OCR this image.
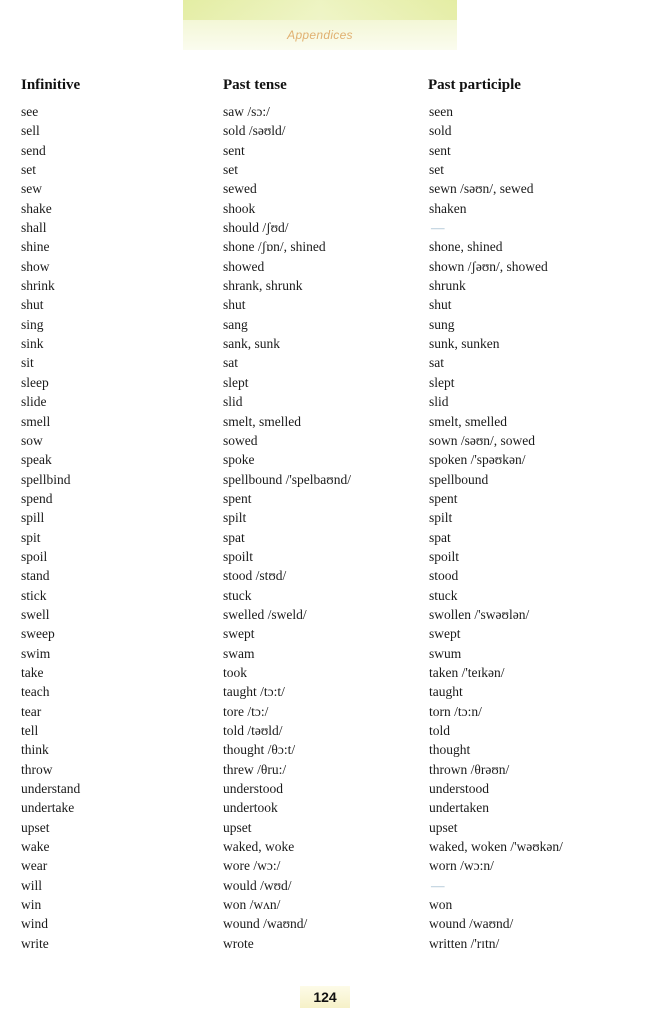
Appendices
Infinitive	Past tense	Past participle
see
sell
send
set
sew
shake
shall
shine
show
shrink
shut
sing
sink
sit
sleep
slide
smell
sow
speak
spellbind
spend
spill
spit
spoil
stand
stick
swell
sweep
swim
take
teach
tear
tell
think
throw
understand
undertake
upset
wake
wear
will
win
wind
write
saw /sɔ:/
sold /səʊld/
sent
set
sewed
shook
should /ʃʊd/
shone /ʃɒn/, shined
showed
shrank, shrunk
shut
sang
sank, sunk
sat
slept
slid
smelt, smelled
sowed
spoke
spellbound /'spelbaʊnd/
spent
spilt
spat
spoilt
stood /stʊd/
stuck
swelled /sweld/
swept
swam
took
taught /tɔ:t/
tore /tɔ:/
told /təʊld/
thought /θɔ:t/
threw /θru:/
understood
undertook
upset
waked, woke
wore /wɔ:/
would /wʊd/
won /wʌn/
wound /waʊnd/
wrote
seen
sold
sent
set
sewn /səʊn/, sewed
shaken
—
shone, shined
shown /ʃəʊn/, showed
shrunk
shut
sung
sunk, sunken
sat
slept
slid
smelt, smelled
sown /səʊn/, sowed
spoken /'spəʊkən/
spellbound
spent
spilt
spat
spoilt
stood
stuck
swollen /'swəʊlən/
swept
swum
taken /'teɪkən/
taught
torn /tɔ:n/
told
thought
thrown /θrəʊn/
understood
undertaken
upset
waked, woken /'wəʊkən/
worn /wɔ:n/
—
won
wound /waʊnd/
written /'rɪtn/
124
